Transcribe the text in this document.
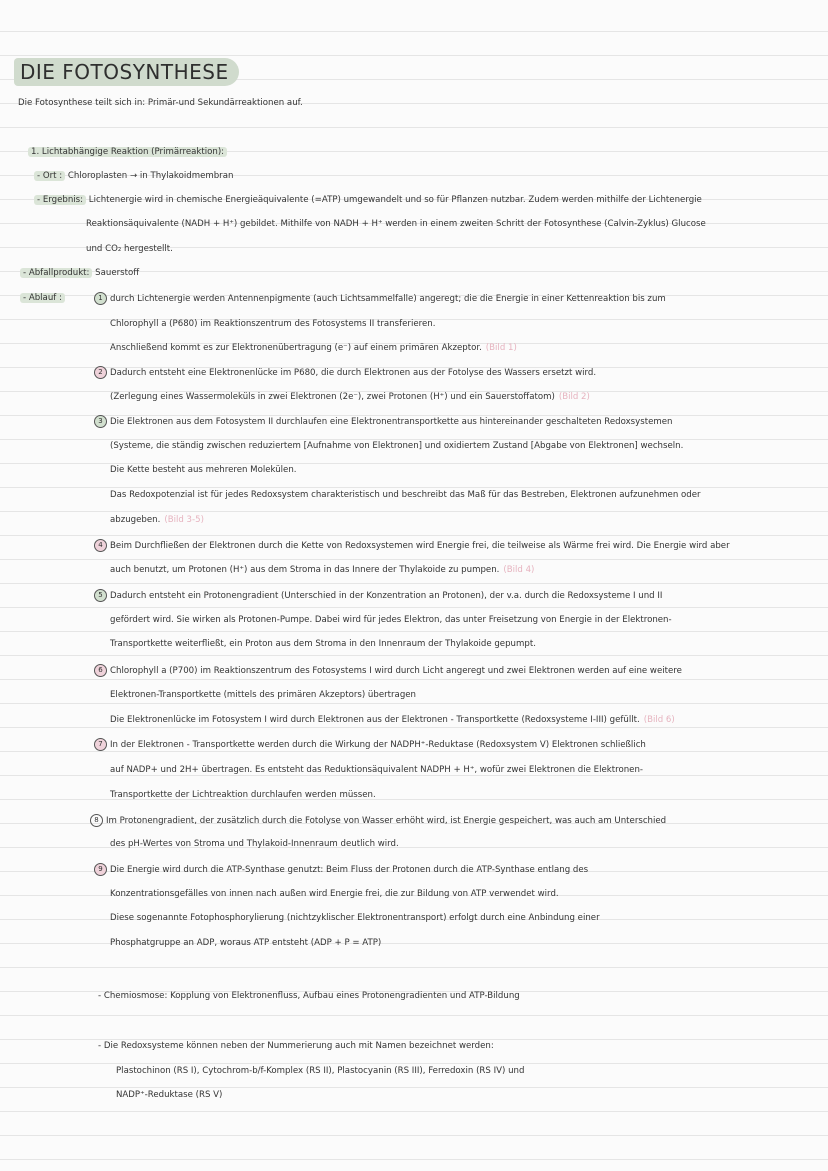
DIE FOTOSYNTHESE
Die Fotosynthese teilt sich in: Primär-und Sekundärreaktionen auf.
1. Lichtabhängige Reaktion (Primärreaktion):
- Ort : Chloroplasten → in Thylakoidmembran
- Ergebnis: Lichtenergie wird in chemische Energieäquivalente (=ATP) umgewandelt und so für Pflanzen nutzbar. Zudem werden mithilfe der Lichtenergie
Reaktionsäquivalente (NADH + H⁺) gebildet. Mithilfe von NADH + H⁺ werden in einem zweiten Schritt der Fotosynthese (Calvin-Zyklus) Glucose
und CO₂ hergestellt.
- Abfallprodukt: Sauerstoff
- Ablauf :	1 durch Lichtenergie werden Antennenpigmente (auch Lichtsammelfalle) angeregt; die die Energie in einer Kettenreaktion bis zum
Chlorophyll a (P680) im Reaktionszentrum des Fotosystems II transferieren.
Anschließend kommt es zur Elektronenübertragung (e⁻) auf einem primären Akzeptor. (Bild 1)
2 Dadurch entsteht eine Elektronenlücke im P680, die durch Elektronen aus der Fotolyse des Wassers ersetzt wird.
(Zerlegung eines Wassermoleküls in zwei Elektronen (2e⁻), zwei Protonen (H⁺) und ein Sauerstoffatom) (Bild 2)
3 Die Elektronen aus dem Fotosystem II durchlaufen eine Elektronentransportkette aus hintereinander geschalteten Redoxsystemen
(Systeme, die ständig zwischen reduziertem [Aufnahme von Elektronen] und oxidiertem Zustand [Abgabe von Elektronen] wechseln.
Die Kette besteht aus mehreren Molekülen.
Das Redoxpotenzial ist für jedes Redoxsystem charakteristisch und beschreibt das Maß für das Bestreben, Elektronen aufzunehmen oder
abzugeben. (Bild 3-5)
4 Beim Durchfließen der Elektronen durch die Kette von Redoxsystemen wird Energie frei, die teilweise als Wärme frei wird. Die Energie wird aber
auch benutzt, um Protonen (H⁺) aus dem Stroma in das Innere der Thylakoide zu pumpen. (Bild 4)
5 Dadurch entsteht ein Protonengradient (Unterschied in der Konzentration an Protonen), der v.a. durch die Redoxsysteme I und II
gefördert wird. Sie wirken als Protonen-Pumpe. Dabei wird für jedes Elektron, das unter Freisetzung von Energie in der Elektronen-
Transportkette weiterfließt, ein Proton aus dem Stroma in den Innenraum der Thylakoide gepumpt.
6 Chlorophyll a (P700) im Reaktionszentrum des Fotosystems I wird durch Licht angeregt und zwei Elektronen werden auf eine weitere
Elektronen-Transportkette (mittels des primären Akzeptors) übertragen
Die Elektronenlücke im Fotosystem I wird durch Elektronen aus der Elektronen - Transportkette (Redoxsysteme I-III) gefüllt. (Bild 6)
7 In der Elektronen - Transportkette werden durch die Wirkung der NADPH⁺-Reduktase (Redoxsystem V) Elektronen schließlich
auf NADP+ und 2H+ übertragen. Es entsteht das Reduktionsäquivalent NADPH + H⁺, wofür zwei Elektronen die Elektronen-
Transportkette der Lichtreaktion durchlaufen werden müssen.
8 Im Protonengradient, der zusätzlich durch die Fotolyse von Wasser erhöht wird, ist Energie gespeichert, was auch am Unterschied
des pH-Wertes von Stroma und Thylakoid-Innenraum deutlich wird.
9 Die Energie wird durch die ATP-Synthase genutzt: Beim Fluss der Protonen durch die ATP-Synthase entlang des
Konzentrationsgefälles von innen nach außen wird Energie frei, die zur Bildung von ATP verwendet wird.
Diese sogenannte Fotophosphorylierung (nichtzyklischer Elektronentransport) erfolgt durch eine Anbindung einer
Phosphatgruppe an ADP, woraus ATP entsteht (ADP + P = ATP)
- Chemiosmose: Kopplung von Elektronenfluss, Aufbau eines Protonengradienten und ATP-Bildung
- Die Redoxsysteme können neben der Nummerierung auch mit Namen bezeichnet werden:
Plastochinon (RS I), Cytochrom-b/f-Komplex (RS II), Plastocyanin (RS III), Ferredoxin (RS IV) und
NADP⁺-Reduktase (RS V)
